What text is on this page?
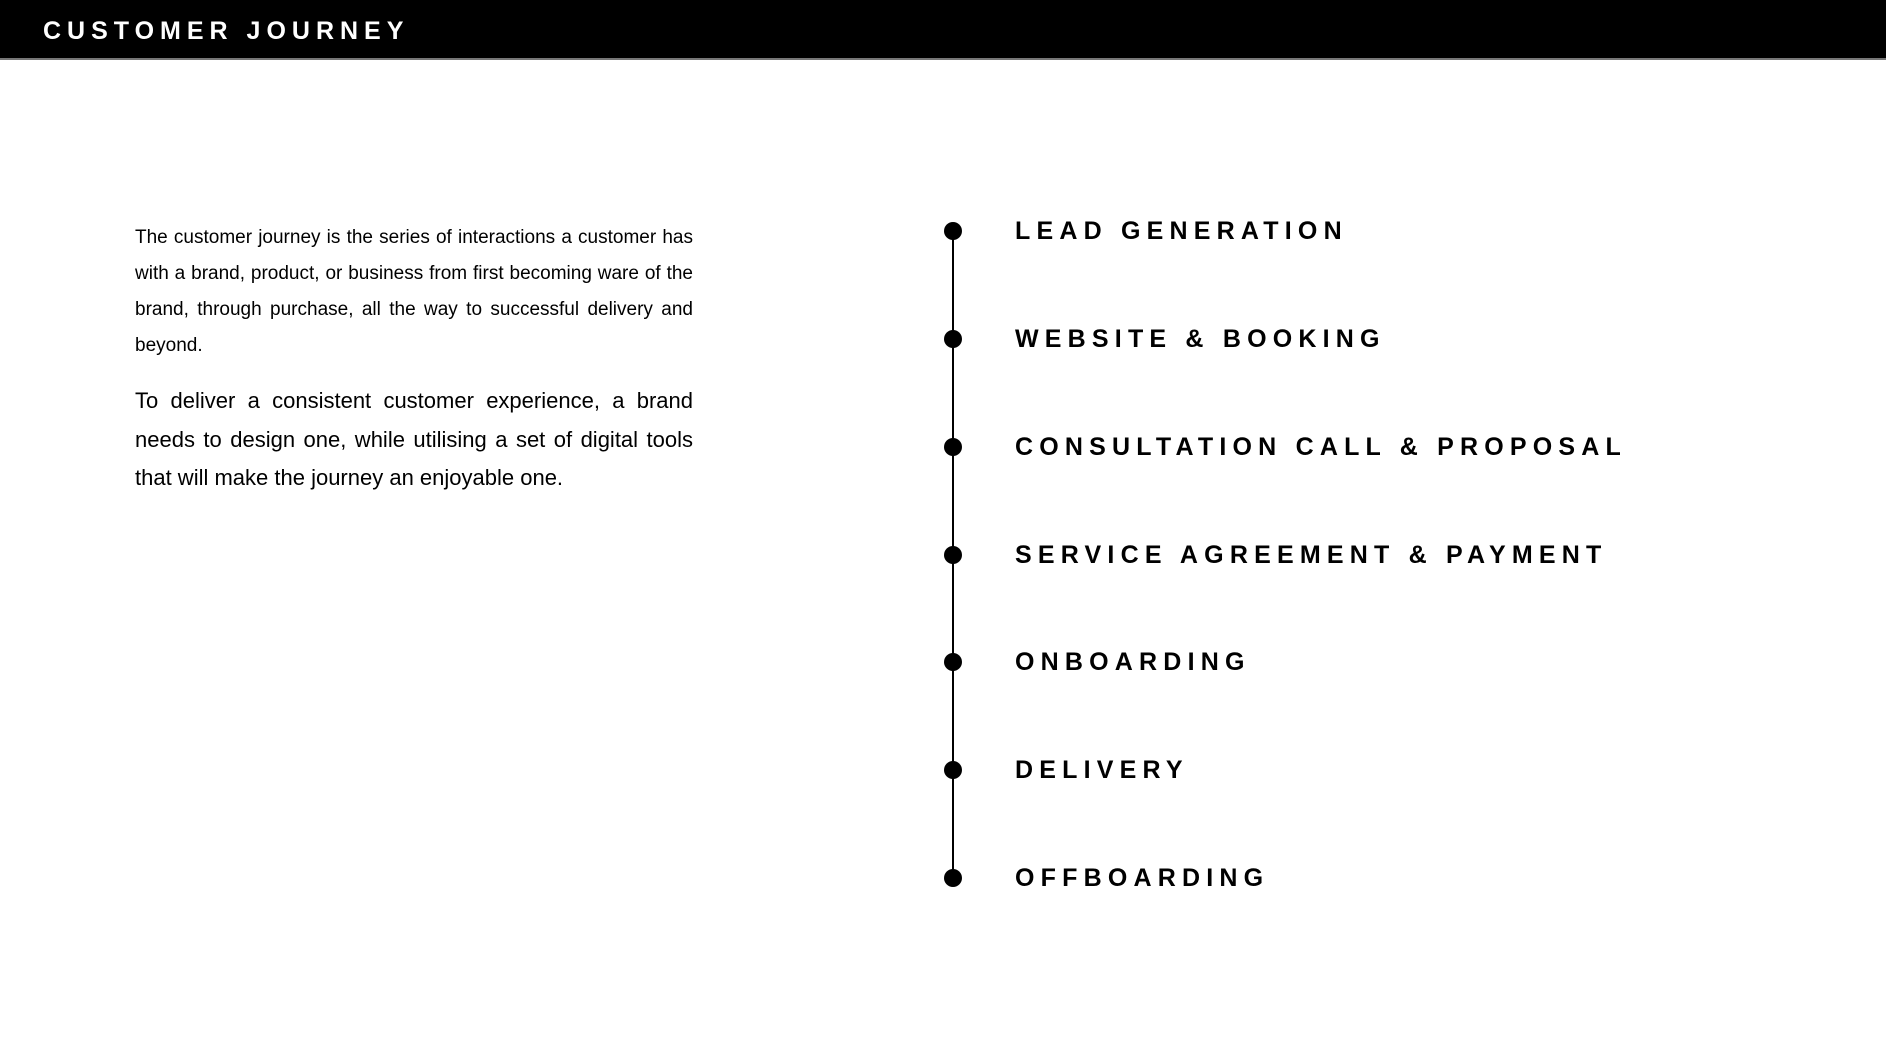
CUSTOMER JOURNEY

The customer journey is the series of interactions a customer has with a brand, product, or business from first becoming ware of the brand, through purchase, all the way to successful delivery and beyond.

To deliver a consistent customer experience, a brand needs to design one, while utilising a set of digital tools that will make the journey an enjoyable one.

LEAD GENERATION
WEBSITE & BOOKING
CONSULTATION CALL & PROPOSAL
SERVICE AGREEMENT & PAYMENT
ONBOARDING
DELIVERY
OFFBOARDING
